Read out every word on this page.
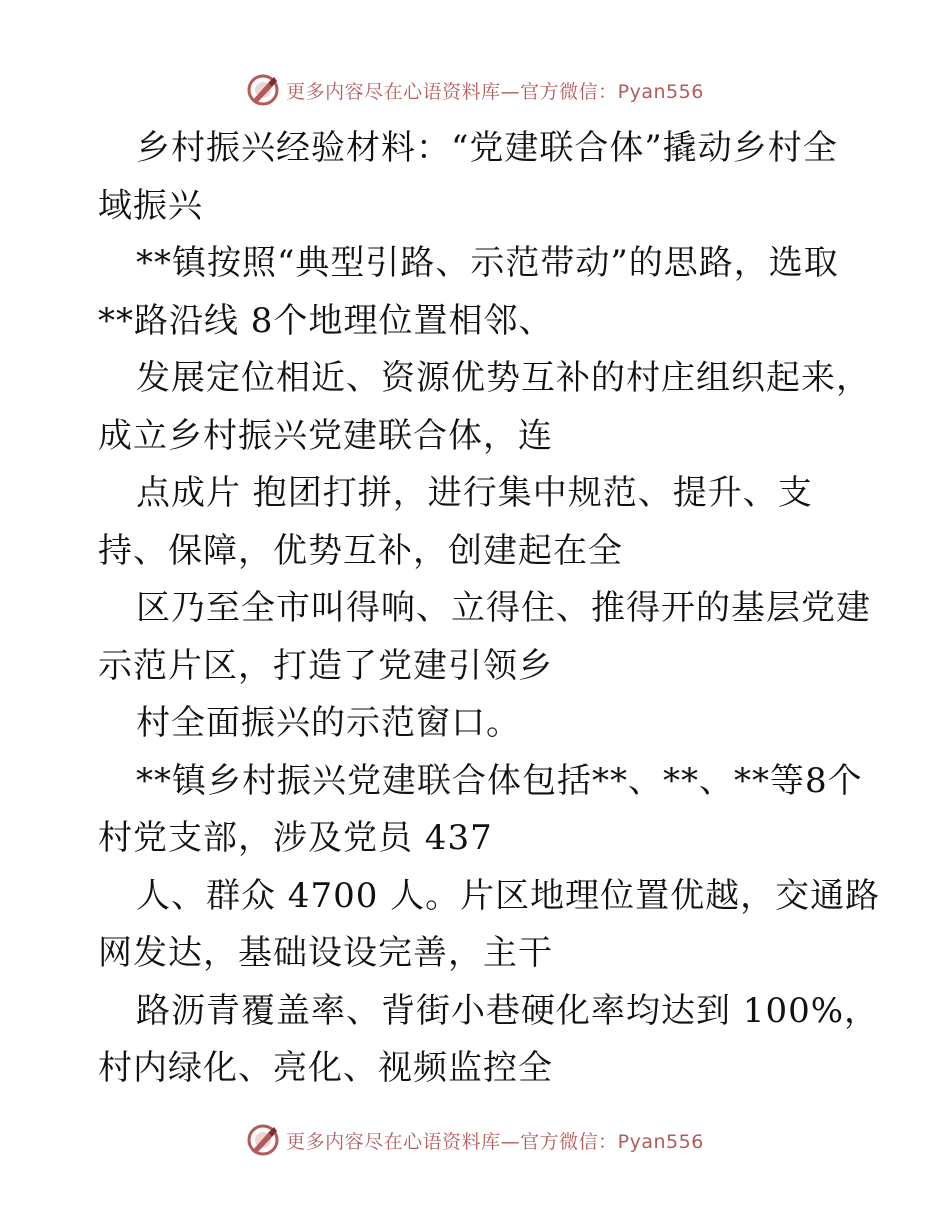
更多内容尽在心语资料库—官方微信：Pyan556
乡村振兴经验材料：“党建联合体”撬动乡村全
域振兴
**镇按照“典型引路、示范带动”的思路，选取
**路沿线 8个地理位置相邻、
发展定位相近、资源优势互补的村庄组织起来，
成立乡村振兴党建联合体，连
点成片 抱团打拼，进行集中规范、提升、支
持、保障，优势互补，创建起在全
区乃至全市叫得响、立得住、推得开的基层党建
示范片区，打造了党建引领乡
村全面振兴的示范窗口。
**镇乡村振兴党建联合体包括**、**、**等8个
村党支部，涉及党员 437
人、群众 4700 人。片区地理位置优越，交通路
网发达，基础设设完善，主干
路沥青覆盖率、背街小巷硬化率均达到 100%，
村内绿化、亮化、视频监控全
更多内容尽在心语资料库—官方微信：Pyan556
